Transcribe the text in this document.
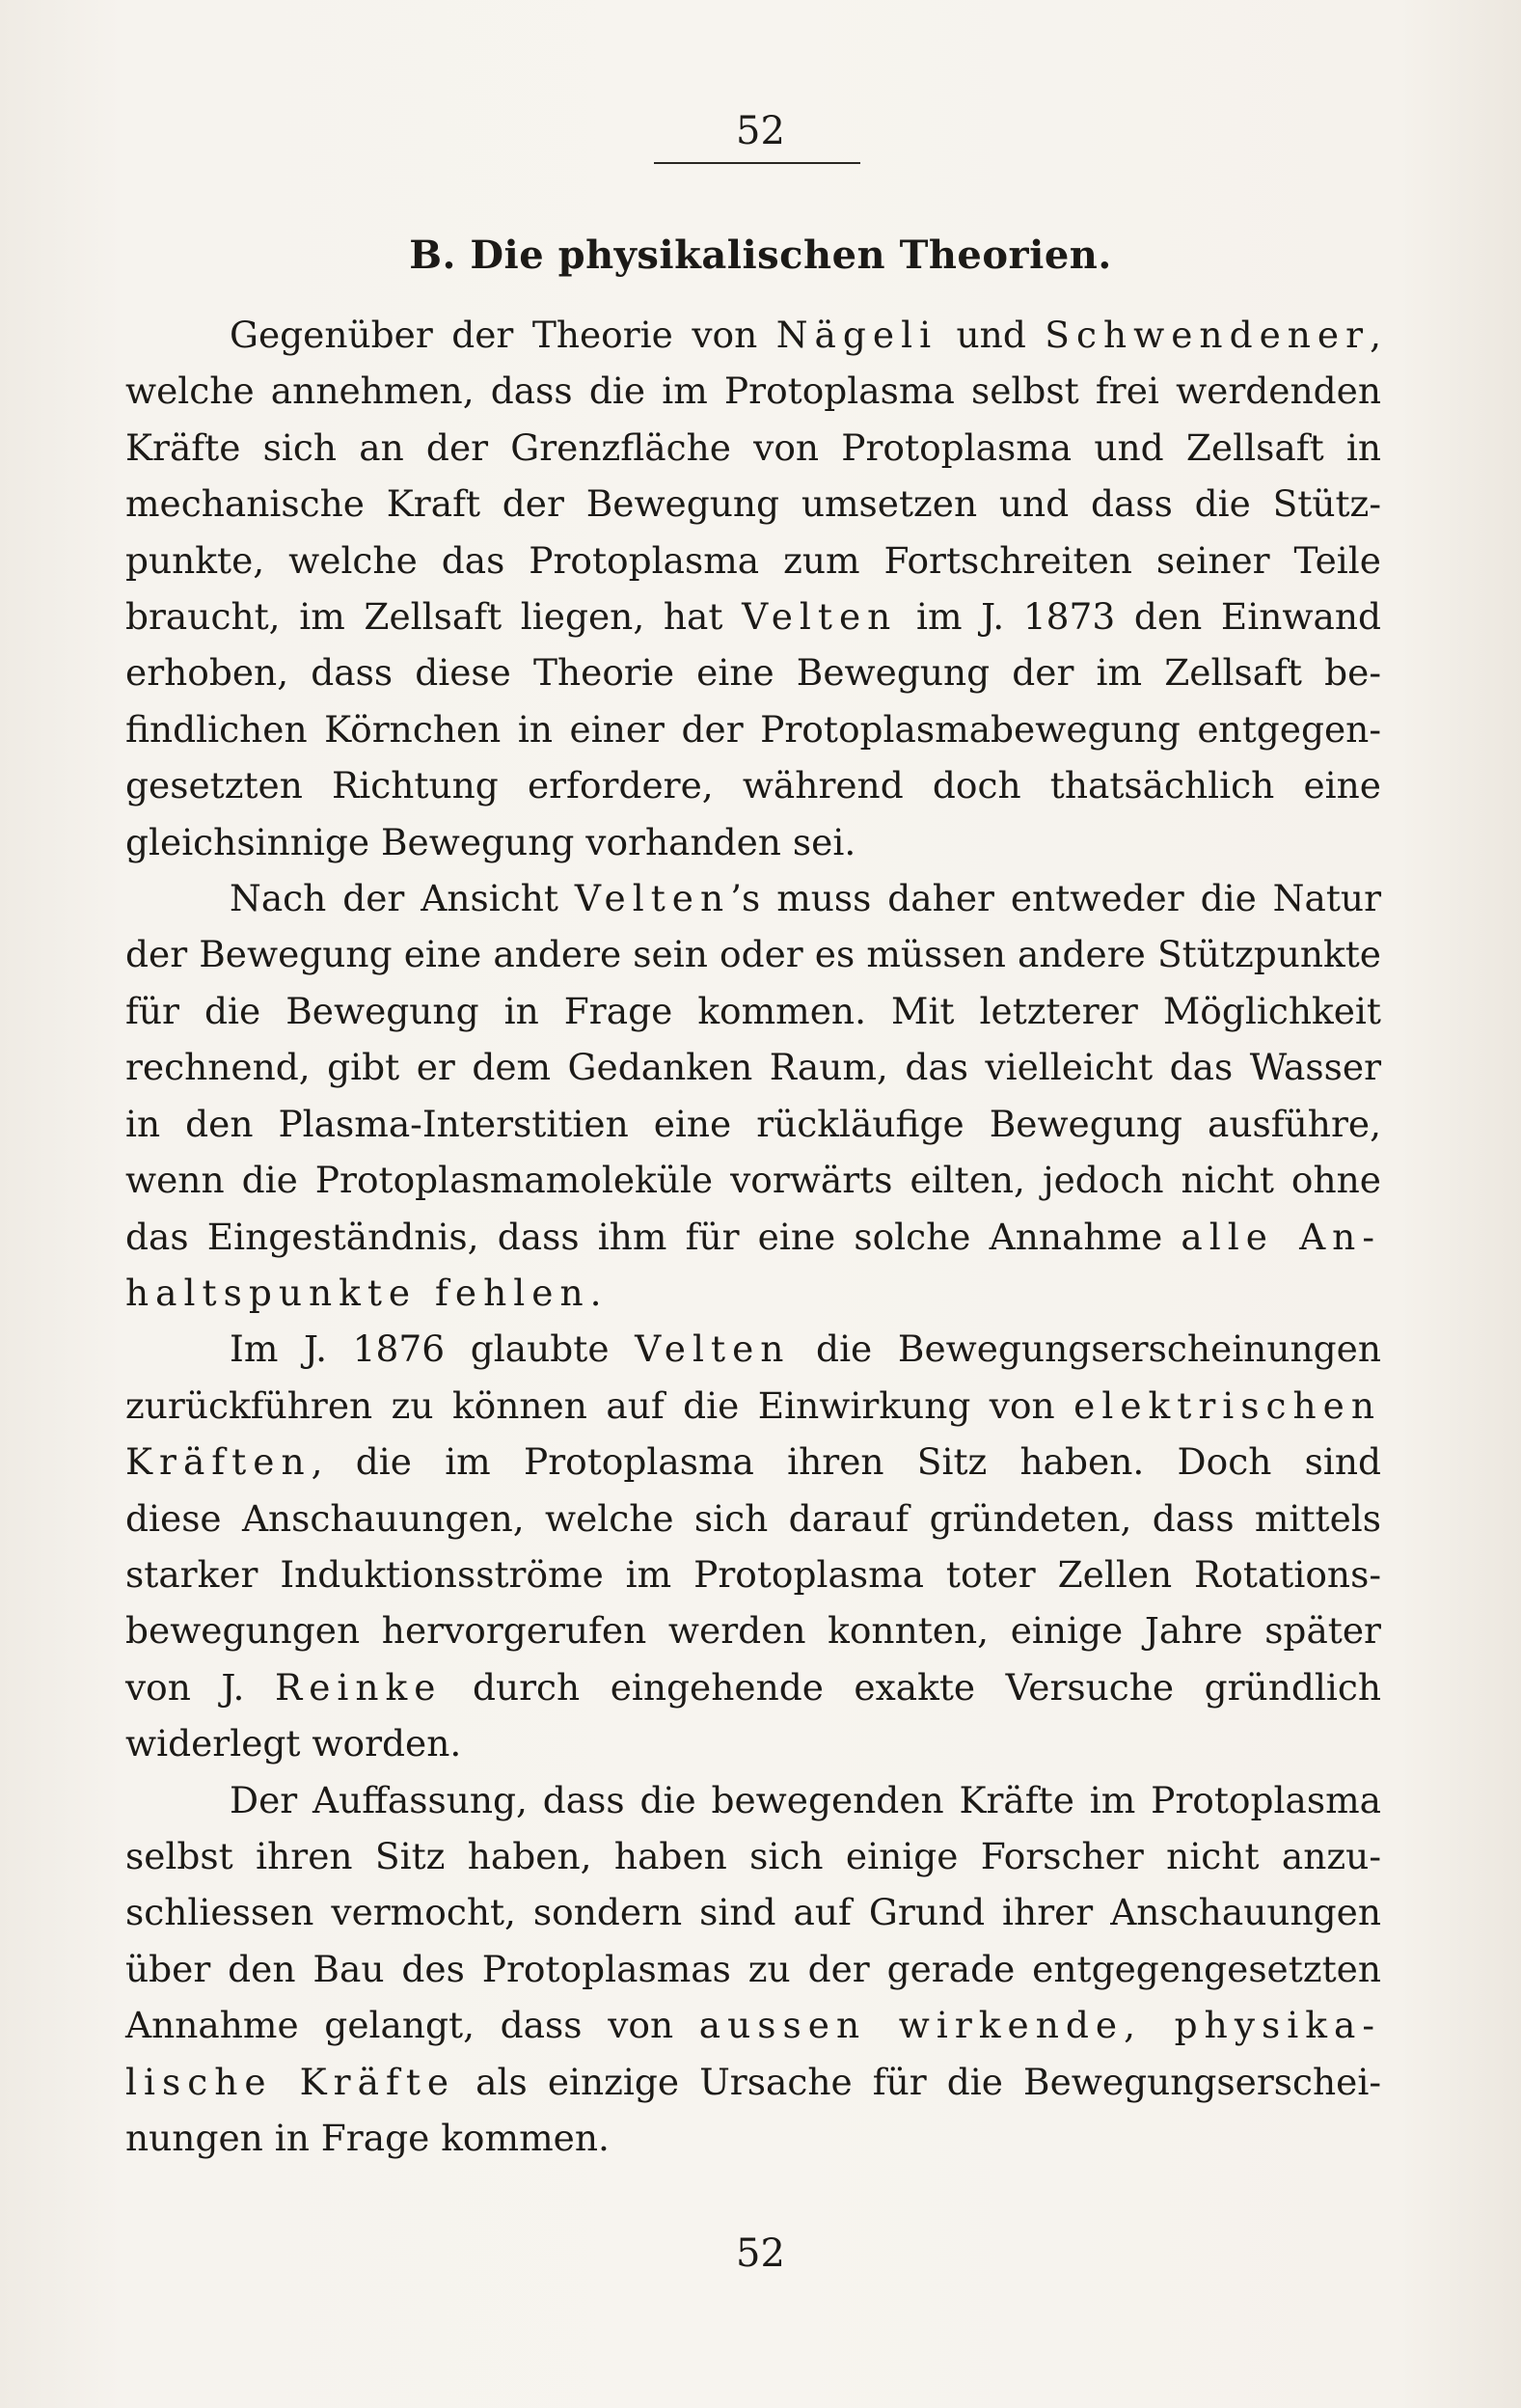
52
B. Die physikalischen Theorien.

Gegenüber der Theorie von Nägeli und Schwendener,
welche annehmen, dass die im Protoplasma selbst frei werdenden
Kräfte sich an der Grenzfläche von Protoplasma und Zellsaft in
mechanische Kraft der Bewegung umsetzen und dass die Stütz-
punkte, welche das Protoplasma zum Fortschreiten seiner Teile
braucht, im Zellsaft liegen, hat Velten im J. 1873 den Einwand
erhoben, dass diese Theorie eine Bewegung der im Zellsaft be-
findlichen Körnchen in einer der Protoplasmabewegung entgegen-
gesetzten Richtung erfordere, während doch thatsächlich eine
gleichsinnige Bewegung vorhanden sei.

Nach der Ansicht Velten’s muss daher entweder die Natur
der Bewegung eine andere sein oder es müssen andere Stützpunkte
für die Bewegung in Frage kommen. Mit letzterer Möglichkeit
rechnend, gibt er dem Gedanken Raum, das vielleicht das Wasser
in den Plasma-Interstitien eine rückläufige Bewegung ausführe,
wenn die Protoplasmamoleküle vorwärts eilten, jedoch nicht ohne
das Eingeständnis, dass ihm für eine solche Annahme alle An-
haltspunkte fehlen.

Im J. 1876 glaubte Velten die Bewegungserscheinungen
zurückführen zu können auf die Einwirkung von elektrischen
Kräften, die im Protoplasma ihren Sitz haben. Doch sind
diese Anschauungen, welche sich darauf gründeten, dass mittels
starker Induktionsströme im Protoplasma toter Zellen Rotations-
bewegungen hervorgerufen werden konnten, einige Jahre später
von J. Reinke durch eingehende exakte Versuche gründlich
widerlegt worden.

Der Auffassung, dass die bewegenden Kräfte im Protoplasma
selbst ihren Sitz haben, haben sich einige Forscher nicht anzu-
schliessen vermocht, sondern sind auf Grund ihrer Anschauungen
über den Bau des Protoplasmas zu der gerade entgegengesetzten
Annahme gelangt, dass von aussen wirkende, physika-
lische Kräfte als einzige Ursache für die Bewegungserschei-
nungen in Frage kommen.

52
